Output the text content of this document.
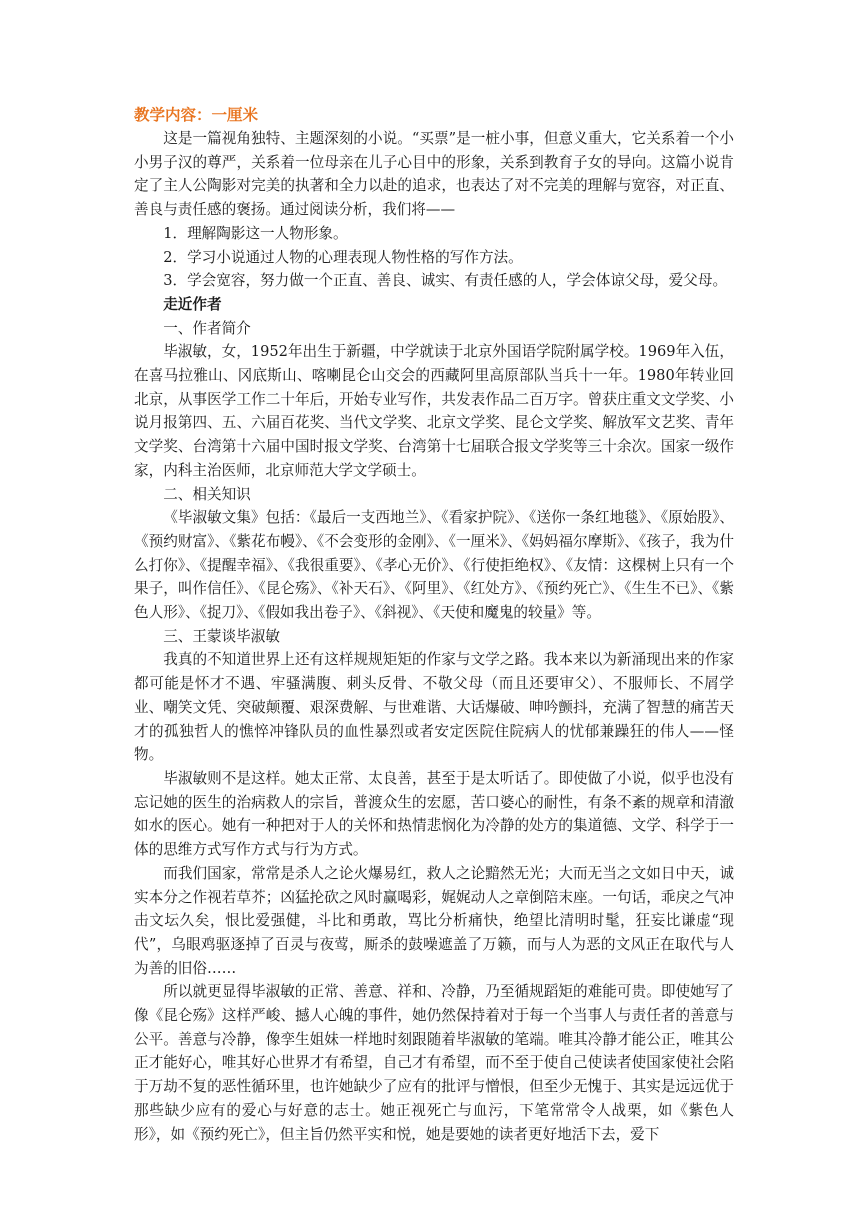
教学内容：一厘米

这是一篇视角独特、主题深刻的小说。“买票”是一桩小事，但意义重大，它关系着一个小小男子汉的尊严，关系着一位母亲在儿子心目中的形象，关系到教育子女的导向。这篇小说肯定了主人公陶影对完美的执著和全力以赴的追求，也表达了对不完美的理解与宽容，对正直、善良与责任感的褒扬。通过阅读分析，我们将——

1．理解陶影这一人物形象。

2．学习小说通过人物的心理表现人物性格的写作方法。

3．学会宽容，努力做一个正直、善良、诚实、有责任感的人，学会体谅父母，爱父母。

走近作者

一、作者简介

毕淑敏，女，1952年出生于新疆，中学就读于北京外国语学院附属学校。1969年入伍，在喜马拉雅山、冈底斯山、喀喇昆仑山交会的西藏阿里高原部队当兵十一年。1980年转业回北京，从事医学工作二十年后，开始专业写作，共发表作品二百万字。曾获庄重文文学奖、小说月报第四、五、六届百花奖、当代文学奖、北京文学奖、昆仑文学奖、解放军文艺奖、青年文学奖、台湾第十六届中国时报文学奖、台湾第十七届联合报文学奖等三十余次。国家一级作家，内科主治医师，北京师范大学文学硕士。

二、相关知识

《毕淑敏文集》包括：《最后一支西地兰》、《看家护院》、《送你一条红地毯》、《原始股》、《预约财富》、《紫花布幔》、《不会变形的金刚》、《一厘米》、《妈妈福尔摩斯》、《孩子，我为什么打你》、《提醒幸福》、《我很重要》、《孝心无价》、《行使拒绝权》、《友情：这棵树上只有一个果子，叫作信任》、《昆仑殇》、《补天石》、《阿里》、《红处方》、《预约死亡》、《生生不已》、《紫色人形》、《捉刀》、《假如我出卷子》、《斜视》、《天使和魔鬼的较量》等。

三、王蒙谈毕淑敏

我真的不知道世界上还有这样规规矩矩的作家与文学之路。我本来以为新涌现出来的作家都可能是怀才不遇、牢骚满腹、刺头反骨、不敬父母（而且还要审父）、不服师长、不屑学业、嘲笑文凭、突破颠覆、艰深费解、与世难谐、大话爆破、呻吟颤抖，充满了智慧的痛苦天才的孤独哲人的憔悴冲锋队员的血性暴烈或者安定医院住院病人的忧郁兼躁狂的伟人——怪物。

毕淑敏则不是这样。她太正常、太良善，甚至于是太听话了。即使做了小说，似乎也没有忘记她的医生的治病救人的宗旨，普渡众生的宏愿，苦口婆心的耐性，有条不紊的规章和清澈如水的医心。她有一种把对于人的关怀和热情悲悯化为冷静的处方的集道德、文学、科学于一体的思维方式写作方式与行为方式。

而我们国家，常常是杀人之论火爆易红，救人之论黯然无光；大而无当之文如日中天，诚实本分之作视若草芥；凶猛抡砍之风时赢喝彩，娓娓动人之章倒陪末座。一句话，乖戾之气冲击文坛久矣，恨比爱强健，斗比和勇敢，骂比分析痛快，绝望比清明时髦，狂妄比谦虚“现代”，乌眼鸡驱逐掉了百灵与夜莺，厮杀的鼓噪遮盖了万籁，而与人为恶的文风正在取代与人为善的旧俗……

所以就更显得毕淑敏的正常、善意、祥和、冷静，乃至循规蹈矩的难能可贵。即使她写了像《昆仑殇》这样严峻、撼人心魄的事件，她仍然保持着对于每一个当事人与责任者的善意与公平。善意与冷静，像孪生姐妹一样地时刻跟随着毕淑敏的笔端。唯其冷静才能公正，唯其公正才能好心，唯其好心世界才有希望，自己才有希望，而不至于使自己使读者使国家使社会陷于万劫不复的恶性循环里，也许她缺少了应有的批评与憎恨，但至少无愧于、其实是远远优于那些缺少应有的爱心与好意的志士。她正视死亡与血污，下笔常常令人战栗，如《紫色人形》，如《预约死亡》，但主旨仍然平实和悦，她是要她的读者更好地活下去，爱下
